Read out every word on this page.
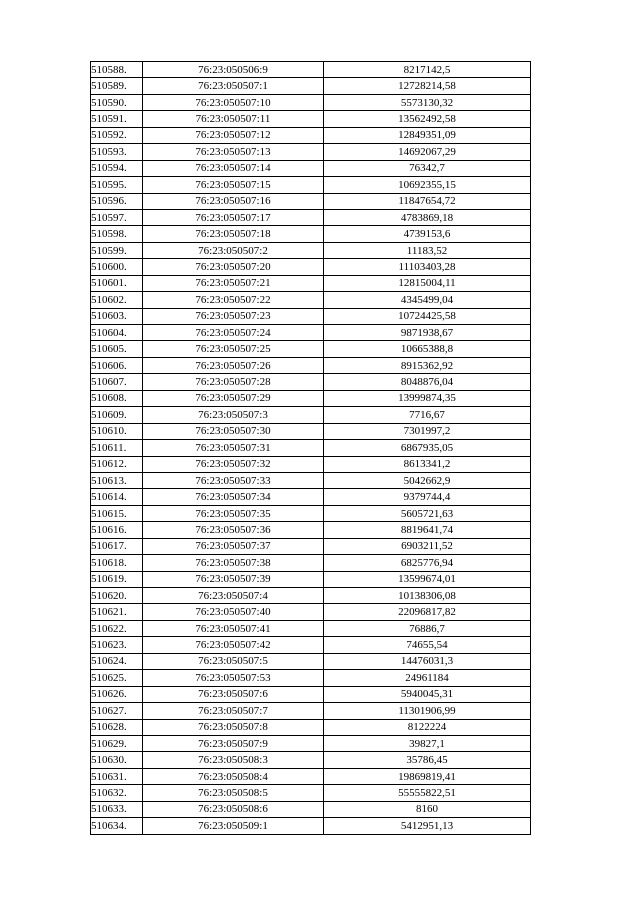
510588.	76:23:050506:9	8217142,5
510589.	76:23:050507:1	12728214,58
510590.	76:23:050507:10	5573130,32
510591.	76:23:050507:11	13562492,58
510592.	76:23:050507:12	12849351,09
510593.	76:23:050507:13	14692067,29
510594.	76:23:050507:14	76342,7
510595.	76:23:050507:15	10692355,15
510596.	76:23:050507:16	11847654,72
510597.	76:23:050507:17	4783869,18
510598.	76:23:050507:18	4739153,6
510599.	76:23:050507:2	11183,52
510600.	76:23:050507:20	11103403,28
510601.	76:23:050507:21	12815004,11
510602.	76:23:050507:22	4345499,04
510603.	76:23:050507:23	10724425,58
510604.	76:23:050507:24	9871938,67
510605.	76:23:050507:25	10665388,8
510606.	76:23:050507:26	8915362,92
510607.	76:23:050507:28	8048876,04
510608.	76:23:050507:29	13999874,35
510609.	76:23:050507:3	7716,67
510610.	76:23:050507:30	7301997,2
510611.	76:23:050507:31	6867935,05
510612.	76:23:050507:32	8613341,2
510613.	76:23:050507:33	5042662,9
510614.	76:23:050507:34	9379744,4
510615.	76:23:050507:35	5605721,63
510616.	76:23:050507:36	8819641,74
510617.	76:23:050507:37	6903211,52
510618.	76:23:050507:38	6825776,94
510619.	76:23:050507:39	13599674,01
510620.	76:23:050507:4	10138306,08
510621.	76:23:050507:40	22096817,82
510622.	76:23:050507:41	76886,7
510623.	76:23:050507:42	74655,54
510624.	76:23:050507:5	14476031,3
510625.	76:23:050507:53	24961184
510626.	76:23:050507:6	5940045,31
510627.	76:23:050507:7	11301906,99
510628.	76:23:050507:8	8122224
510629.	76:23:050507:9	39827,1
510630.	76:23:050508:3	35786,45
510631.	76:23:050508:4	19869819,41
510632.	76:23:050508:5	55555822,51
510633.	76:23:050508:6	8160
510634.	76:23:050509:1	5412951,13
